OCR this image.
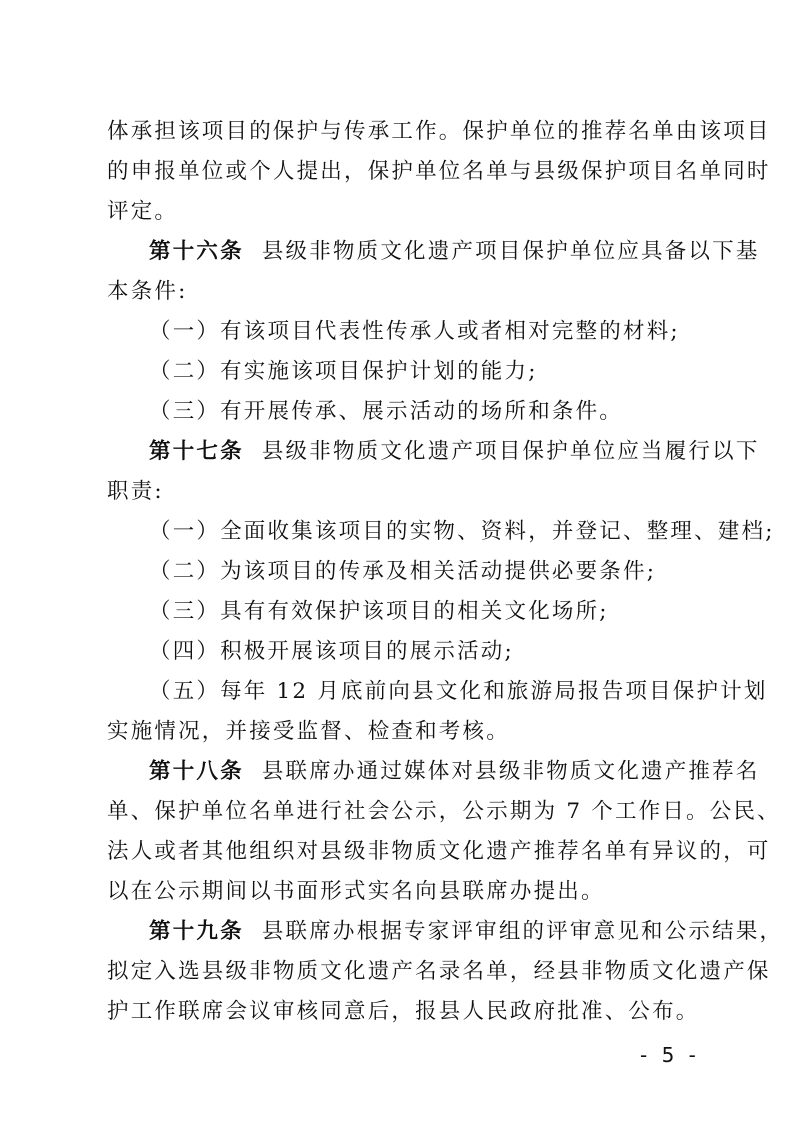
体承担该项目的保护与传承工作。保护单位的推荐名单由该项目
的申报单位或个人提出，保护单位名单与县级保护项目名单同时
评定。
第十六条 县级非物质文化遗产项目保护单位应具备以下基
本条件:
（一）有该项目代表性传承人或者相对完整的材料;
（二）有实施该项目保护计划的能力;
（三）有开展传承、展示活动的场所和条件。
第十七条 县级非物质文化遗产项目保护单位应当履行以下
职责:
（一）全面收集该项目的实物、资料，并登记、整理、建档;
（二）为该项目的传承及相关活动提供必要条件;
（三）具有有效保护该项目的相关文化场所;
（四）积极开展该项目的展示活动;
（五）每年 12 月底前向县文化和旅游局报告项目保护计划
实施情况，并接受监督、检查和考核。
第十八条 县联席办通过媒体对县级非物质文化遗产推荐名
单、保护单位名单进行社会公示，公示期为 7 个工作日。公民、
法人或者其他组织对县级非物质文化遗产推荐名单有异议的，可
以在公示期间以书面形式实名向县联席办提出。
第十九条 县联席办根据专家评审组的评审意见和公示结果，
拟定入选县级非物质文化遗产名录名单，经县非物质文化遗产保
护工作联席会议审核同意后，报县人民政府批准、公布。
- 5 -
